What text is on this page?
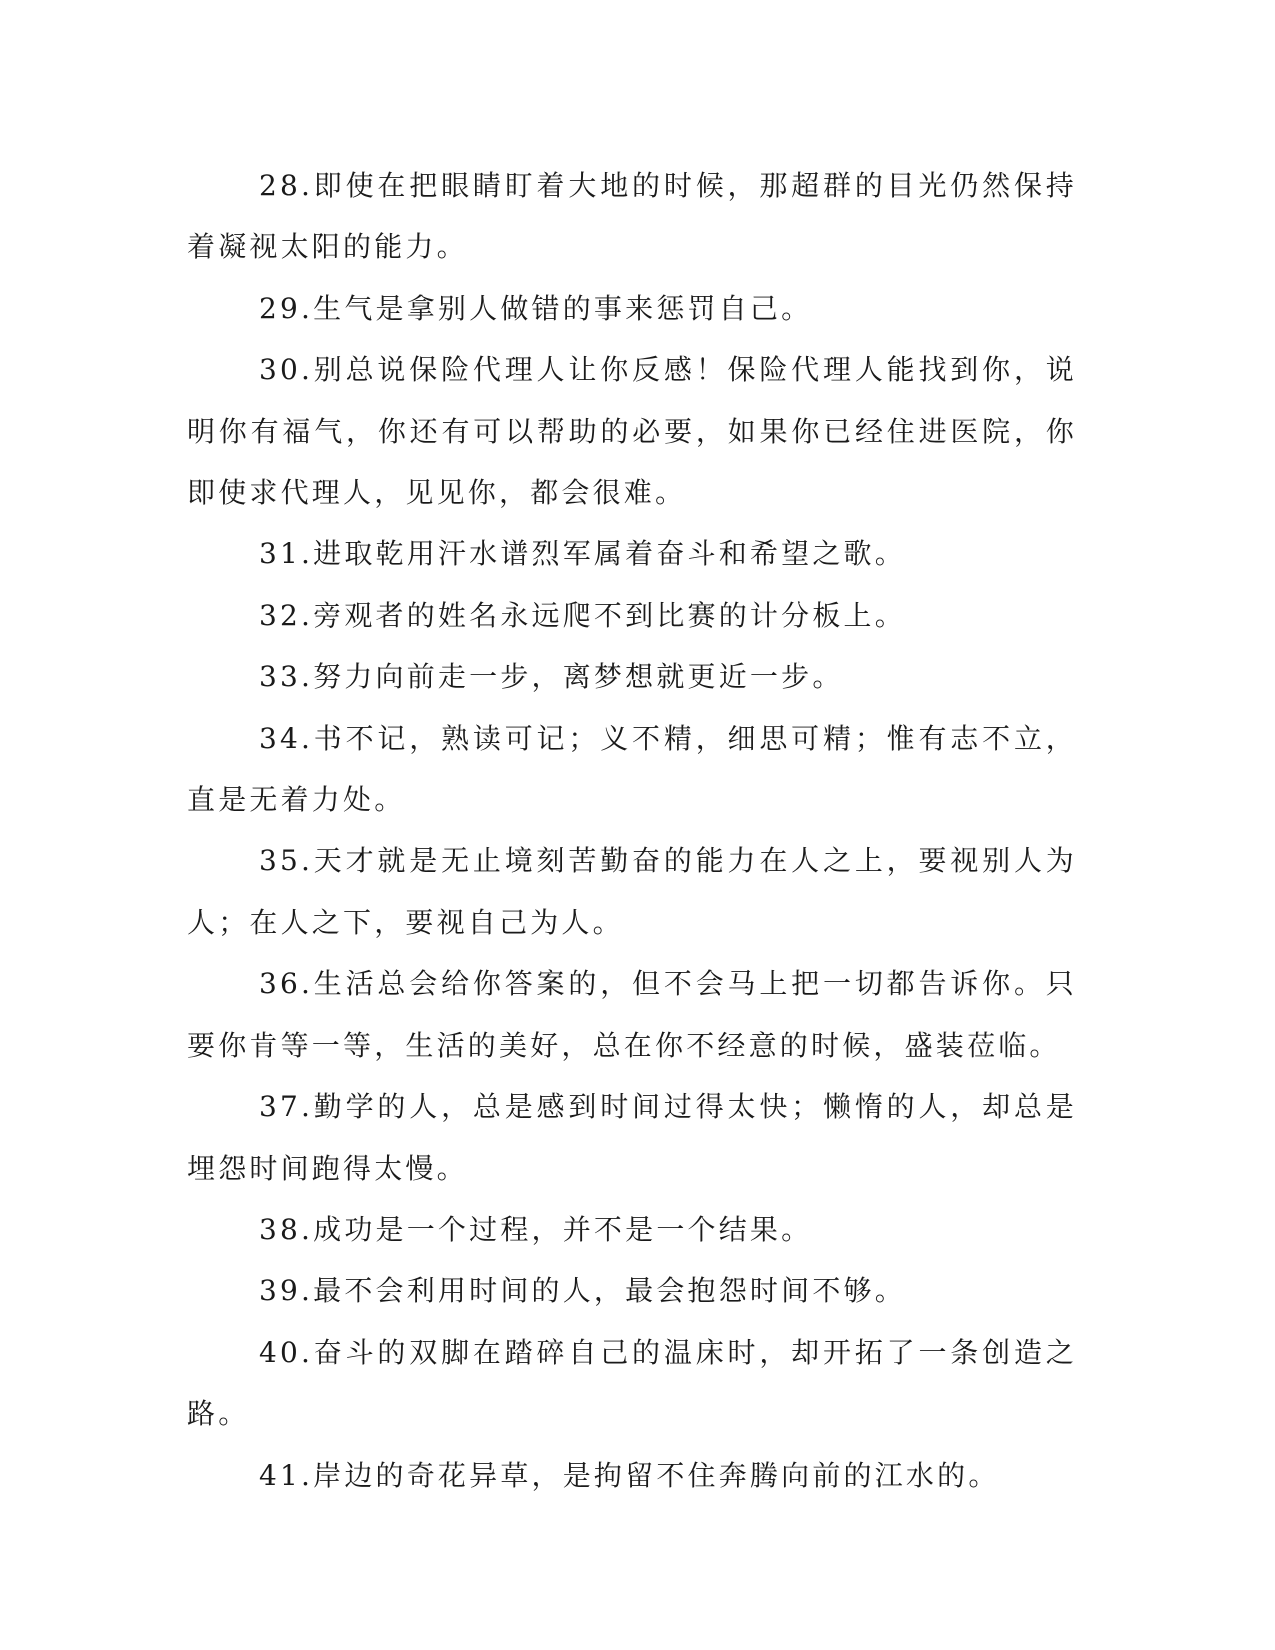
28.即使在把眼睛盯着大地的时候，那超群的目光仍然保持着凝视太阳的能力。

29.生气是拿别人做错的事来惩罚自己。

30.别总说保险代理人让你反感！保险代理人能找到你，说明你有福气，你还有可以帮助的必要，如果你已经住进医院，你即使求代理人，见见你，都会很难。

31.进取乾用汗水谱烈军属着奋斗和希望之歌。

32.旁观者的姓名永远爬不到比赛的计分板上。

33.努力向前走一步，离梦想就更近一步。

34.书不记，熟读可记；义不精，细思可精；惟有志不立，直是无着力处。

35.天才就是无止境刻苦勤奋的能力在人之上，要视别人为人；在人之下，要视自己为人。

36.生活总会给你答案的，但不会马上把一切都告诉你。只要你肯等一等，生活的美好，总在你不经意的时候，盛装莅临。

37.勤学的人，总是感到时间过得太快；懒惰的人，却总是埋怨时间跑得太慢。

38.成功是一个过程，并不是一个结果。

39.最不会利用时间的人，最会抱怨时间不够。

40.奋斗的双脚在踏碎自己的温床时，却开拓了一条创造之路。

41.岸边的奇花异草，是拘留不住奔腾向前的江水的。
